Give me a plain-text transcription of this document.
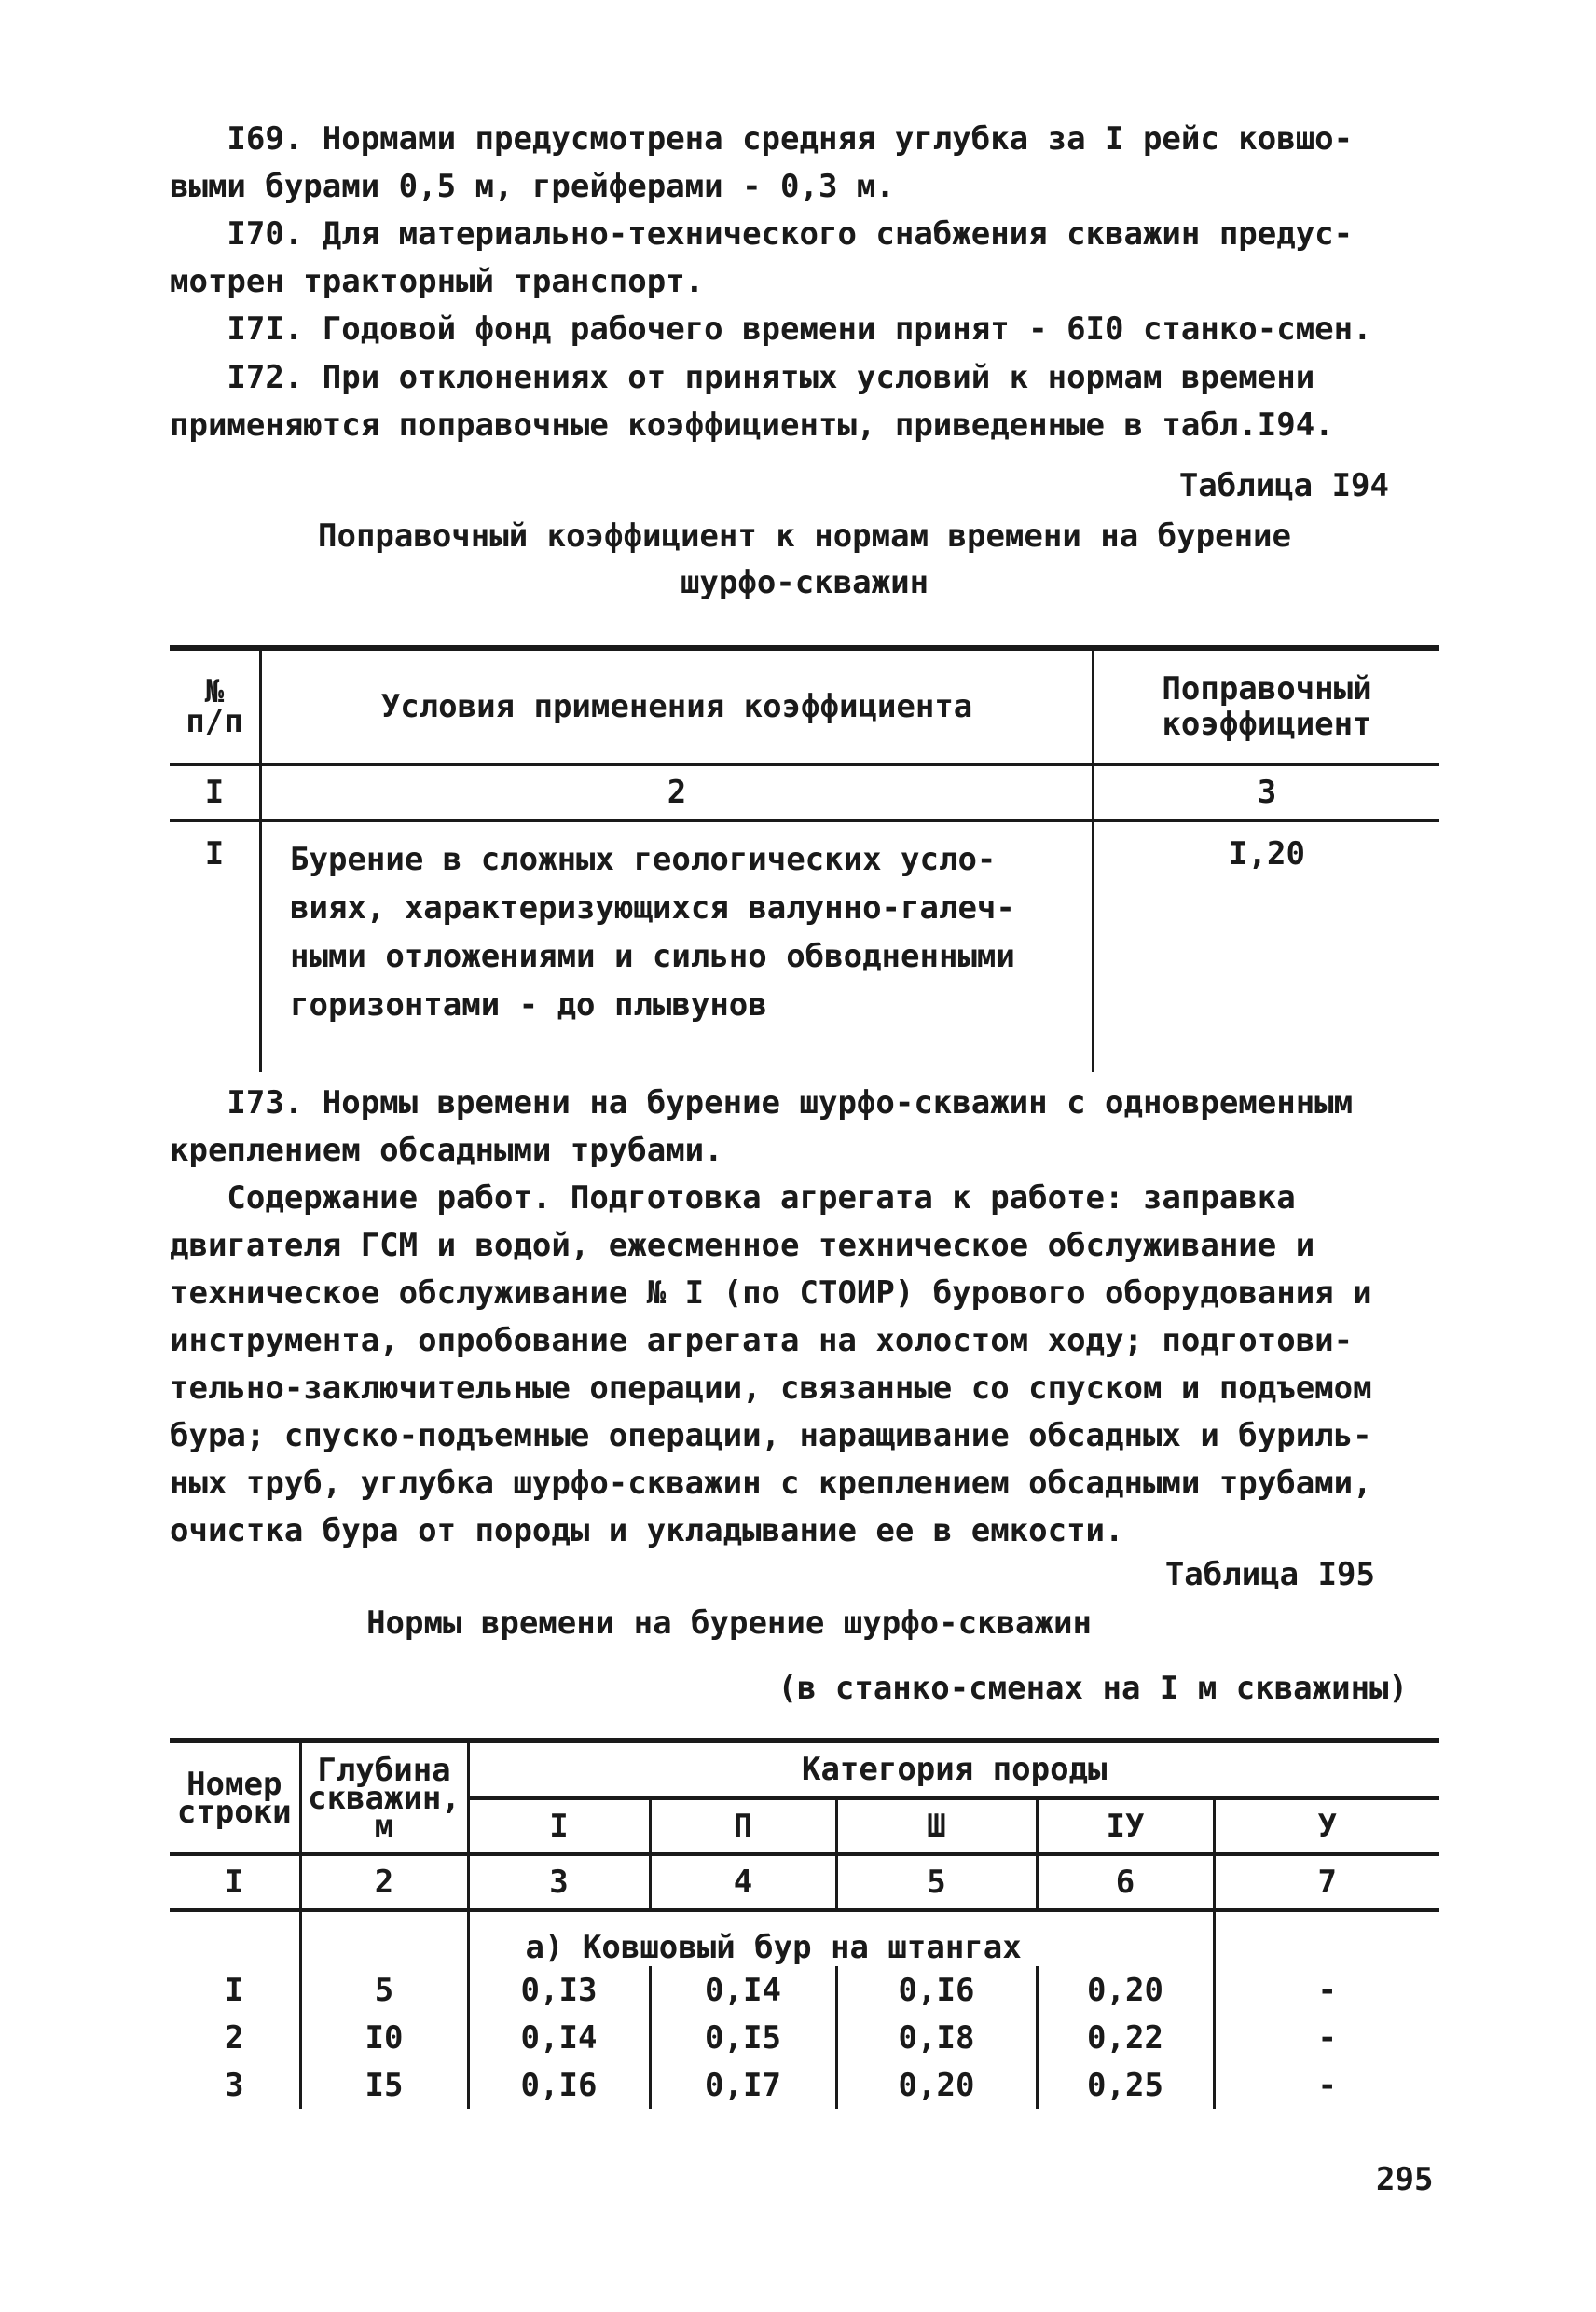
I69. Нормами предусмотрена средняя углубка за I рейс ковшо-
выми бурами 0,5 м, грейферами - 0,3 м.

I70. Для материально-технического снабжения скважин предус-
мотрен тракторный транспорт.

I7I. Годовой фонд рабочего времени принят - 6I0 станко-смен.

I72. При отклонениях от принятых условий к нормам времени
применяются поправочные коэффициенты, приведенные в табл.I94.

Таблица I94
Поправочный коэффициент к нормам времени на бурение
шурфо-скважин
№
п/п	Условия применения коэффициента	Поправочный
коэффициент
I	2	3
I	Бурение в сложных геологических усло-
виях, характеризующихся валунно-галеч-
ными отложениями и сильно обводненными
горизонтами - до плывунов	I,20

I73. Нормы времени на бурение шурфо-скважин с одновременным
креплением обсадными трубами.

Содержание работ. Подготовка агрегата к работе: заправка
двигателя ГСМ и водой, ежесменное техническое обслуживание и
техническое обслуживание № I (по СТОИР) бурового оборудования и
инструмента, опробование агрегата на холостом ходу; подготови-
тельно-заключительные операции, связанные со спуском и подъемом
бура; спуско-подъемные операции, наращивание обсадных и буриль-
ных труб, углубка шурфо-скважин с креплением обсадными трубами,
очистка бура от породы и укладывание ее в емкости.

Таблица I95
Нормы времени на бурение шурфо-скважин
(в станко-сменах на I м скважины)
Номер
строки	Глубина
скважин,
м	Категория породы				
		I	П	Ш	IУ	У
I	2	3	4	5	6	7
		а) Ковшовый бур на штангах				
I	5	0,I3	0,I4	0,I6	0,20	-
2	I0	0,I4	0,I5	0,I8	0,22	-
3	I5	0,I6	0,I7	0,20	0,25	-
295
